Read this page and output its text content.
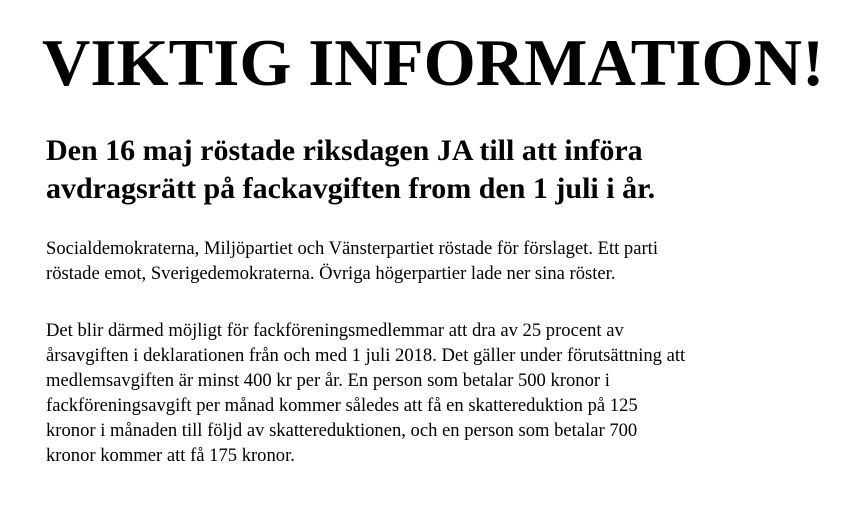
VIKTIG INFORMATION!
Den 16 maj röstade riksdagen JA till att införa
avdragsrätt på fackavgiften from den 1 juli i år.

Socialdemokraterna, Miljöpartiet och Vänsterpartiet röstade för förslaget. Ett parti
röstade emot, Sverigedemokraterna. Övriga högerpartier lade ner sina röster.

Det blir därmed möjligt för fackföreningsmedlemmar att dra av 25 procent av
årsavgiften i deklarationen från och med 1 juli 2018. Det gäller under förutsättning att
medlemsavgiften är minst 400 kr per år. En person som betalar 500 kronor i
fackföreningsavgift per månad kommer således att få en skattereduktion på 125
kronor i månaden till följd av skattereduktionen, och en person som betalar 700
kronor kommer att få 175 kronor.
